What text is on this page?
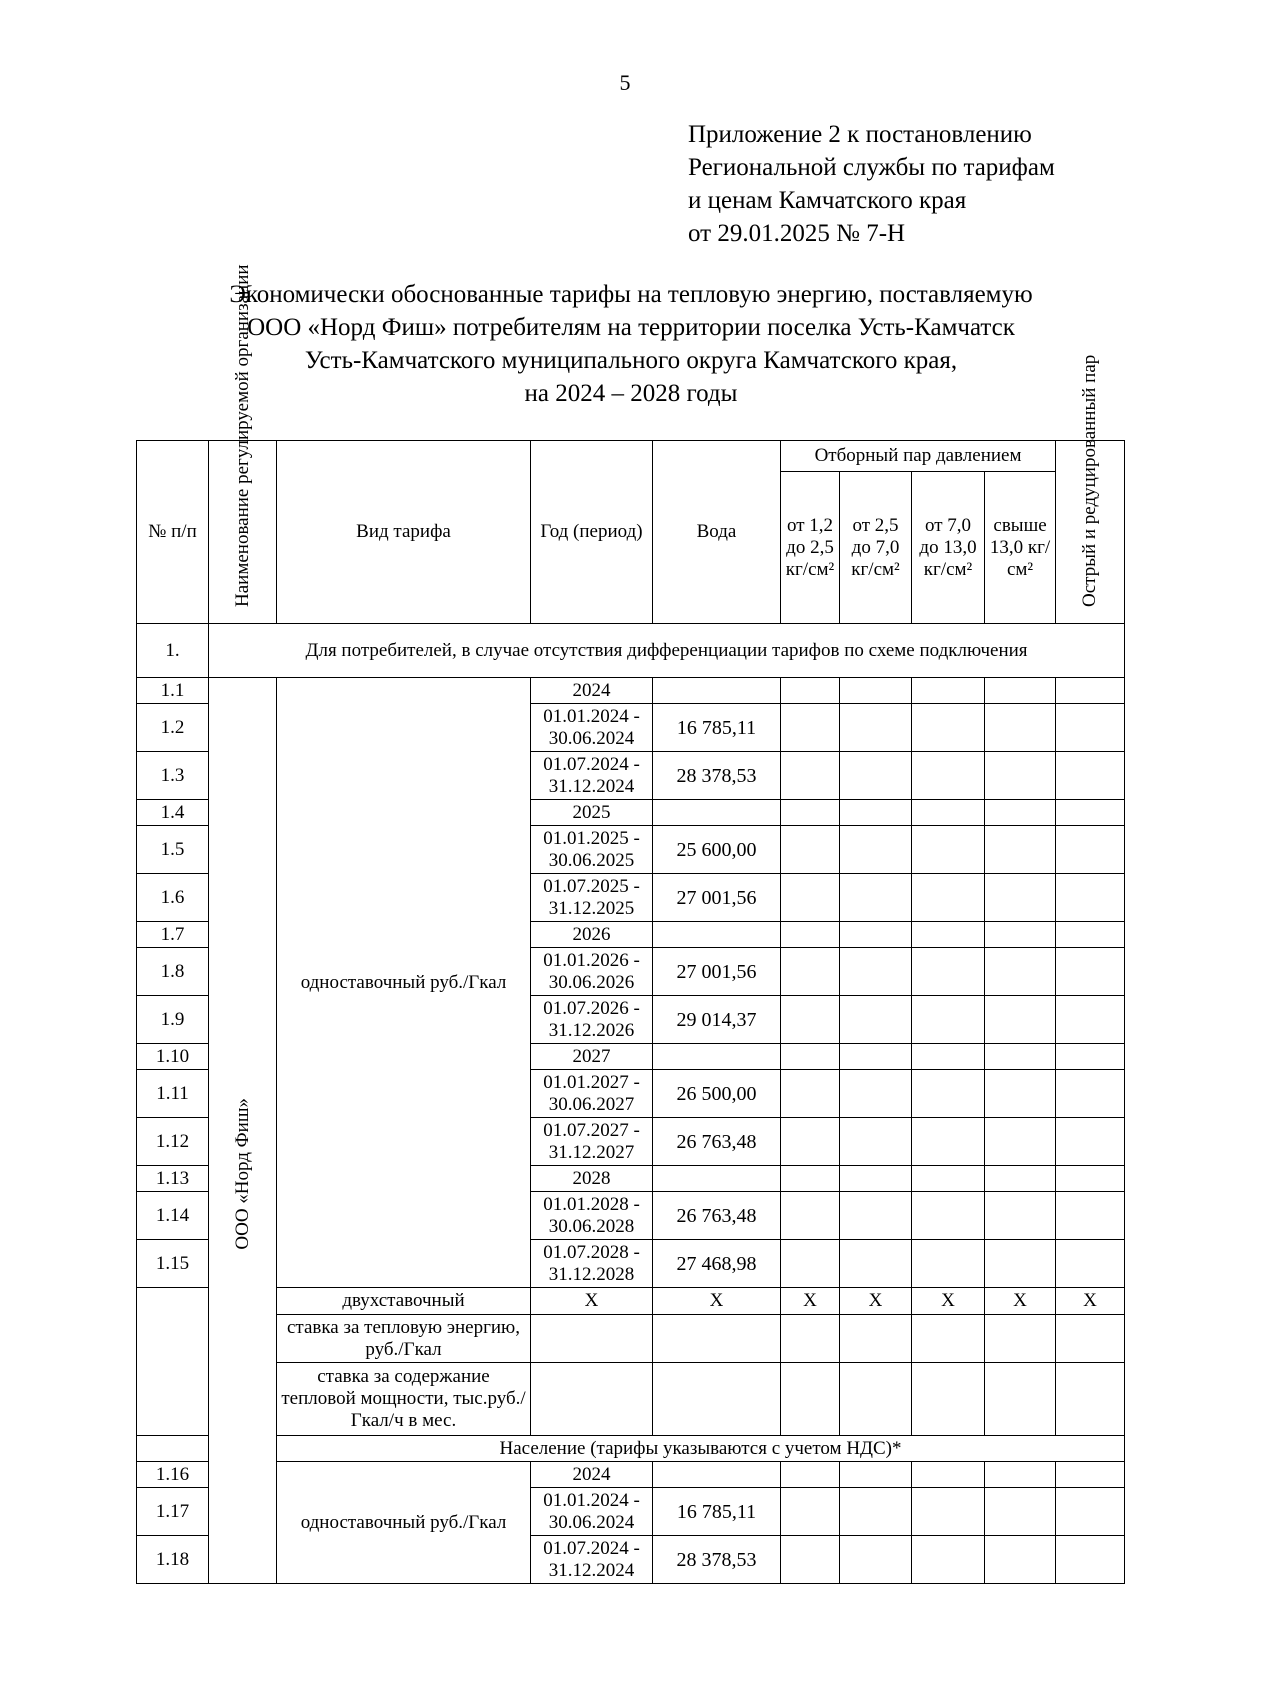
5
Приложение 2 к постановлению
Региональной службы по тарифам
и ценам Камчатского края
от 29.01.2025 № 7-Н
Экономически обоснованные тарифы на тепловую энергию, поставляемую
ООО «Норд Фиш» потребителям на территории поселка Усть-Камчатск
Усть-Камчатского муниципального округа Камчатского края,
на 2024 – 2028 годы
№ п/п	Наименование регулируемой организации	Вид тарифа	Год (период)	Вода	Отборный пар давлением				Острый и редуцированный пар

					от 1,2 до 2,5 кг/см²	от 2,5 до 7,0 кг/см²	от 7,0 до 13,0 кг/см²	свыше 13,0 кг/см²	
1.	Для потребителей, в случае отсутствия дифференциации тарифов по схеме подключения								
1.1	ООО «Норд Фиш»	одноставочный руб./Гкал	2024						
1.2			01.01.2024 - 30.06.2024	16 785,11					
1.3			01.07.2024 - 31.12.2024	28 378,53					
1.4			2025						
1.5			01.01.2025 - 30.06.2025	25 600,00					
1.6			01.07.2025 - 31.12.2025	27 001,56					
1.7			2026						
1.8			01.01.2026 - 30.06.2026	27 001,56					
1.9			01.07.2026 - 31.12.2026	29 014,37					
1.10			2027						
1.11			01.01.2027 - 30.06.2027	26 500,00					
1.12			01.07.2027 - 31.12.2027	26 763,48					
1.13			2028						
1.14			01.01.2028 - 30.06.2028	26 763,48					
1.15			01.07.2028 - 31.12.2028	27 468,98					
		двухставочный	X	X	X	X	X	X	X
		ставка за тепловую энергию, руб./Гкал							
		ставка за содержание тепловой мощности, тыс.руб./Гкал/ч в мес.							
		Население (тарифы указываются с учетом НДС)*							
1.16		одноставочный руб./Гкал	2024						
1.17			01.01.2024 - 30.06.2024	16 785,11					
1.18			01.07.2024 - 31.12.2024	28 378,53					
